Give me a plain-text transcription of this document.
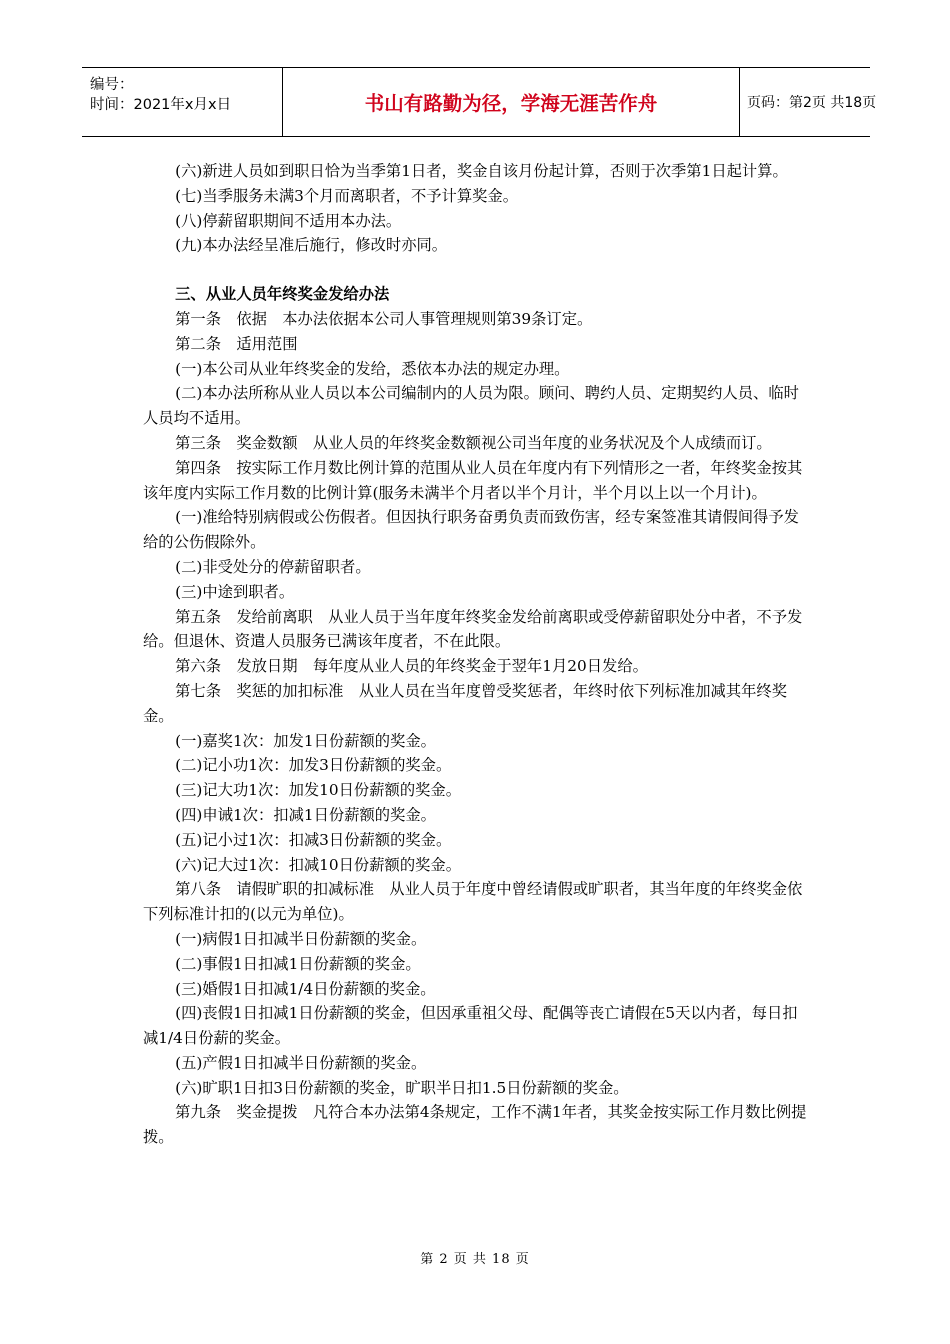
编号：
时间：2021年x月x日	书山有路勤为径，学海无涯苦作舟	页码：第2页 共18页

(六)新进人员如到职日恰为当季第1日者，奖金自该月份起计算，否则于次季第1日起计算。

(七)当季服务未满3个月而离职者，不予计算奖金。

(八)停薪留职期间不适用本办法。

(九)本办法经呈准后施行，修改时亦同。

三、从业人员年终奖金发给办法

第一条　依据　本办法依据本公司人事管理规则第39条订定。

第二条　适用范围

(一)本公司从业年终奖金的发给，悉依本办法的规定办理。

(二)本办法所称从业人员以本公司编制内的人员为限。顾问、聘约人员、定期契约人员、临时人员均不适用。

第三条　奖金数额　从业人员的年终奖金数额视公司当年度的业务状况及个人成绩而订。

第四条　按实际工作月数比例计算的范围从业人员在年度内有下列情形之一者，年终奖金按其该年度内实际工作月数的比例计算(服务未满半个月者以半个月计，半个月以上以一个月计)。

(一)准给特别病假或公伤假者。但因执行职务奋勇负责而致伤害，经专案签准其请假间得予发给的公伤假除外。

(二)非受处分的停薪留职者。

(三)中途到职者。

第五条　发给前离职　从业人员于当年度年终奖金发给前离职或受停薪留职处分中者，不予发给。但退休、资遣人员服务已满该年度者，不在此限。

第六条　发放日期　每年度从业人员的年终奖金于翌年1月20日发给。

第七条　奖惩的加扣标准　从业人员在当年度曾受奖惩者，年终时依下列标准加减其年终奖金。

(一)嘉奖1次：加发1日份薪额的奖金。

(二)记小功1次：加发3日份薪额的奖金。

(三)记大功1次：加发10日份薪额的奖金。

(四)申诫1次：扣减1日份薪额的奖金。

(五)记小过1次：扣减3日份薪额的奖金。

(六)记大过1次：扣减10日份薪额的奖金。

第八条　请假旷职的扣减标准　从业人员于年度中曾经请假或旷职者，其当年度的年终奖金依下列标准计扣的(以元为单位)。

(一)病假1日扣减半日份薪额的奖金。

(二)事假1日扣减1日份薪额的奖金。

(三)婚假1日扣减1/4日份薪额的奖金。

(四)丧假1日扣减1日份薪额的奖金，但因承重祖父母、配偶等丧亡请假在5天以内者，每日扣减1/4日份薪的奖金。

(五)产假1日扣减半日份薪额的奖金。

(六)旷职1日扣3日份薪额的奖金，旷职半日扣1.5日份薪额的奖金。

第九条　奖金提拨　凡符合本办法第4条规定，工作不满1年者，其奖金按实际工作月数比例提拨。

第 2 页 共 18 页
